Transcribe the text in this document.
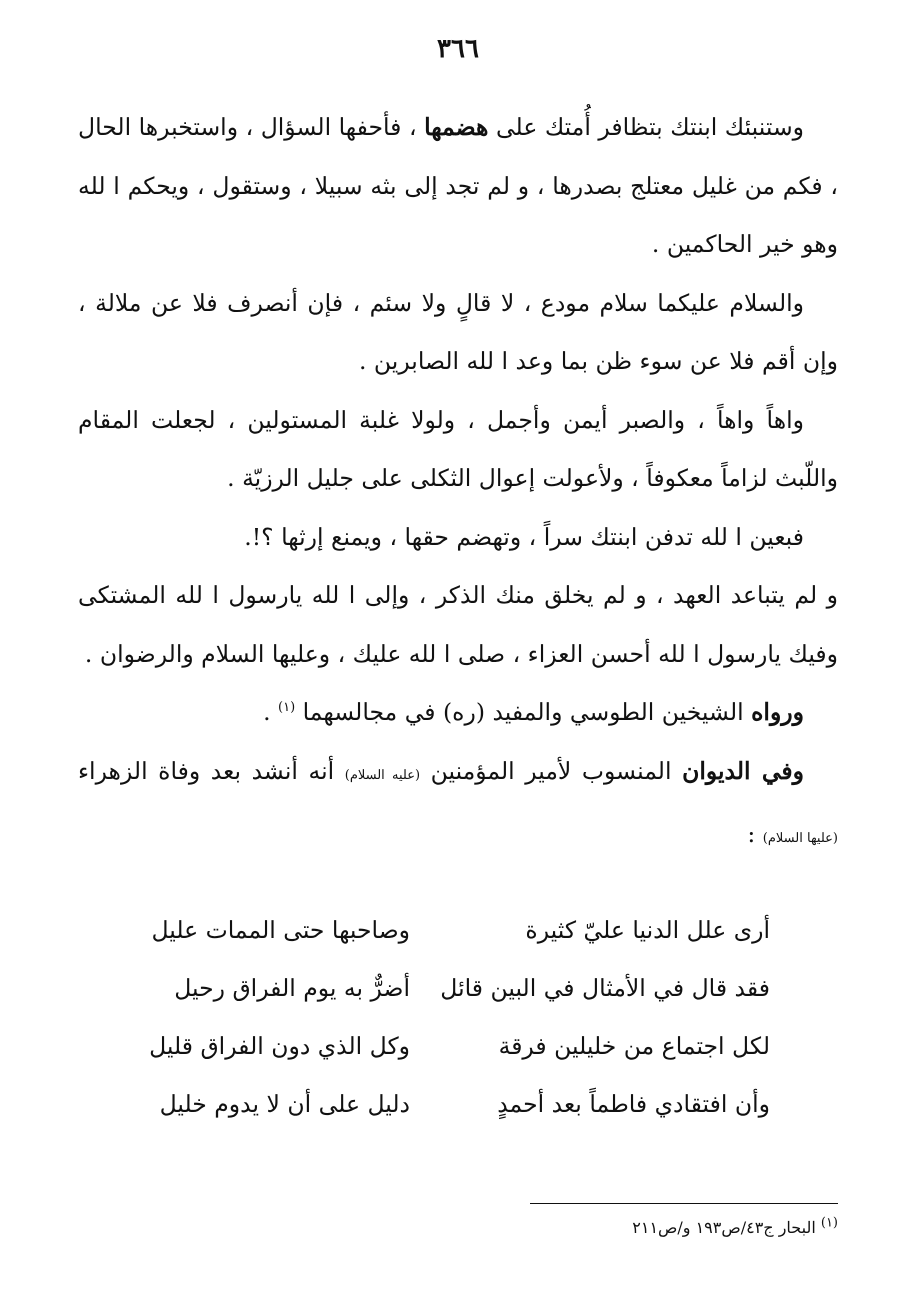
٣٦٦

وستنبئك ابنتك بتظافر أُمتك على هضمها ، فأحفها السؤال ، واستخبرها الحال ، فكم من غليل معتلج بصدرها ، و لم تجد إلى بثه سبيلا ، وستقول ، ويحكم ا لله وهو خير الحاكمين .

والسلام عليكما سلام مودع ، لا قالٍ ولا سئم ، فإن أنصرف فلا عن ملالة ، وإن أقم فلا عن سوء ظن بما وعد ا لله الصابرين .

واهاً واهاً ، والصبر أيمن وأجمل ، ولولا غلبة المستولين ، لجعلت المقام واللّبث لزاماً معكوفاً ، ولأعولت إعوال الثكلى على جليل الرزيّة .

فبعين ا لله تدفن ابنتك سراً ، وتهضم حقها ، ويمنع إرثها ؟!.

و لم يتباعد العهد ، و لم يخلق منك الذكر ، وإلى ا لله يارسول ا لله المشتكى وفيك يارسول ا لله أحسن العزاء ، صلى ا لله عليك ، وعليها السلام والرضوان .

ورواه الشيخين الطوسي والمفيد (ره) في مجالسهما $^{(١)}$ .

وفي الديوان المنسوب لأمير المؤمنين (عليه السلام) أنه أنشد بعد وفاة الزهراء (عليها السلام) :

أرى علل الدنيا عليّ كثيرة
وصاحبها حتى الممات عليل
فقد قال في الأمثال في البين قائل
أضرٌّ به يوم الفراق رحيل
لكل اجتماع من خليلين فرقة
وكل الذي دون الفراق قليل
وأن افتقادي فاطماً بعد أحمدٍ
دليل على أن لا يدوم خليل
$^{(١)}$ البحار ج٤٣/ص١٩٣ و/ص٢١١
